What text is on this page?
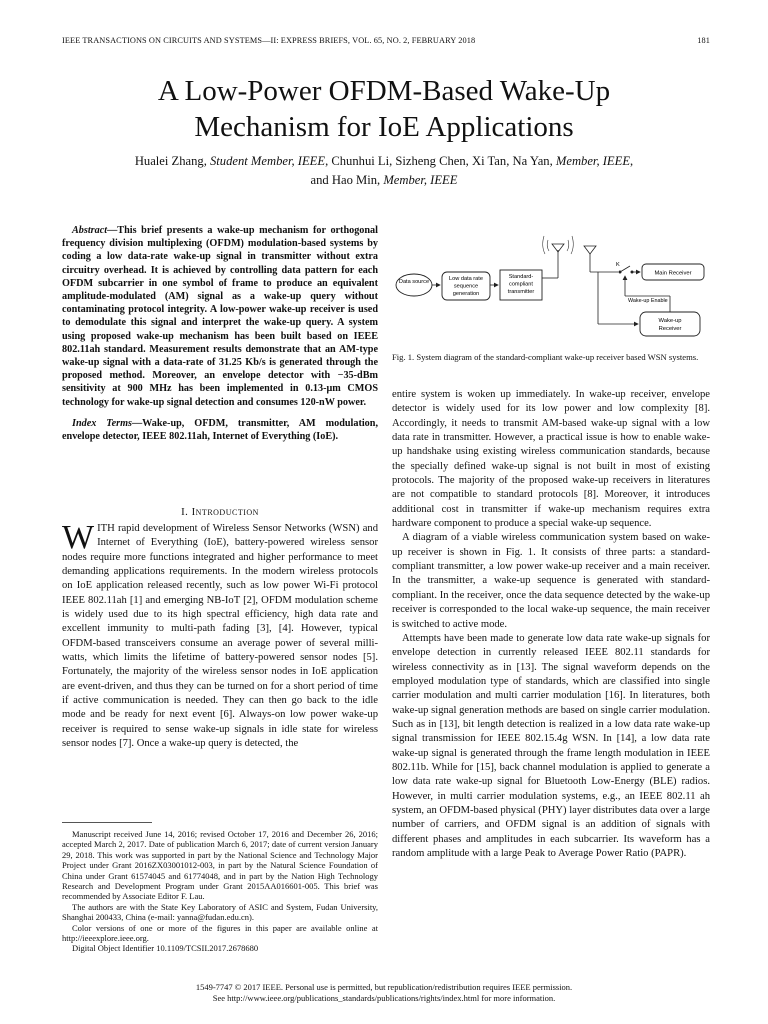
IEEE TRANSACTIONS ON CIRCUITS AND SYSTEMS—II: EXPRESS BRIEFS, VOL. 65, NO. 2, FEBRUARY 2018	181
A Low-Power OFDM-Based Wake-Up
Mechanism for IoE Applications
Hualei Zhang, Student Member, IEEE, Chunhui Li, Sizheng Chen, Xi Tan, Na Yan, Member, IEEE,
and Hao Min, Member, IEEE

Abstract—This brief presents a wake-up mechanism for orthogonal frequency division multiplexing (OFDM) modulation-based systems by coding a low data-rate wake-up signal in transmitter without extra circuitry overhead. It is achieved by controlling data pattern for each OFDM subcarrier in one symbol of frame to produce an equivalent amplitude-modulated (AM) signal as a wake-up query without contaminating protocol integrity. A low-power wake-up receiver is used to demodulate this signal and interpret the wake-up query. A system using proposed wake-up mechanism has been built based on IEEE 802.11ah standard. Measurement results demonstrate that an AM-type wake-up signal with a data-rate of 31.25 Kb/s is generated through the proposed method. Moreover, an envelope detector with −35-dBm sensitivity at 900 MHz has been implemented in 0.13-μm CMOS technology for wake-up signal detection and consumes 120-nW power.

Index Terms—Wake-up, OFDM, transmitter, AM modulation, envelope detector, IEEE 802.11ah, Internet of Everything (IoE).

I. Introduction
WITH rapid development of Wireless Sensor Networks (WSN) and Internet of Everything (IoE), battery-powered wireless sensor nodes require more functions integrated and higher performance to meet demanding applications requirements. In the modern wireless protocols on IoE application released recently, such as low power Wi-Fi protocol IEEE 802.11ah [1] and emerging NB-IoT [2], OFDM modulation scheme is widely used due to its high spectral efficiency, high data rate and excellent immunity to multi-path fading [3], [4]. However, typical OFDM-based transceivers consume an average power of several milli-watts, which limits the lifetime of battery-powered sensor nodes [5]. Fortunately, the majority of the wireless sensor nodes in IoE application are event-driven, and thus they can be turned on for a short period of time if active communication is needed. They can then go back to the idle mode and be ready for next event [6]. Always-on low power wake-up receiver is required to sense wake-up signals in idle state for wireless sensor nodes [7]. Once a wake-up query is detected, the

Manuscript received June 14, 2016; revised October 17, 2016 and December 26, 2016; accepted March 2, 2017. Date of publication March 6, 2017; date of current version January 29, 2018. This work was supported in part by the National Science and Technology Major Project under Grant 2016ZX03001012-003, in part by the Natural Science Foundation of China under Grant 61574045 and 61774048, and in part by the Nation High Technology Research and Development Program under Grant 2015AA016601-005. This brief was recommended by Associate Editor F. Lau.

The authors are with the State Key Laboratory of ASIC and System, Fudan University, Shanghai 200433, China (e-mail: yanna@fudan.edu.cn).

Color versions of one or more of the figures in this paper are available online at http://ieeexplore.ieee.org.

Digital Object Identifier 10.1109/TCSII.2017.2678680

Data source	Low data rate
sequence
generation
Standard-
compliant
transmitter
K
Main Receiver
Wake-up Enable
Wake-up
Receiver
Fig. 1. System diagram of the standard-compliant wake-up receiver based WSN systems.

entire system is woken up immediately. In wake-up receiver, envelope detector is widely used for its low power and low complexity [8]. Accordingly, it needs to transmit AM-based wake-up signal with a low data rate in transmitter. However, a practical issue is how to enable wake-up handshake using existing wireless communication standards, because the specially defined wake-up signal is not built in most of existing protocols. The majority of the proposed wake-up receivers in literatures are not compatible to standard protocols [8]. Moreover, it introduces additional cost in transmitter if wake-up mechanism requires extra hardware component to produce a special wake-up sequence.

A diagram of a viable wireless communication system based on wake-up receiver is shown in Fig. 1. It consists of three parts: a standard-compliant transmitter, a low power wake-up receiver and a main receiver. In the transmitter, a wake-up sequence is generated with standard-compliant. In the receiver, once the data sequence detected by the wake-up receiver is corresponded to the local wake-up sequence, the main receiver is switched to active mode.

Attempts have been made to generate low data rate wake-up signals for envelope detection in currently released IEEE 802.11 standards for wireless connectivity as in [13]. The signal waveform depends on the employed modulation type of standards, which are classified into single carrier modulation and multi carrier modulation [16]. In literatures, both wake-up signal generation methods are based on single carrier modulation. Such as in [13], bit length detection is realized in a low data rate wake-up signal transmission for IEEE 802.15.4g WSN. In [14], a low data rate wake-up signal is generated through the frame length modulation in IEEE 802.11b. While for [15], back channel modulation is applied to generate a low data rate wake-up signal for Bluetooth Low-Energy (BLE) radios. However, in multi carrier modulation systems, e.g., an IEEE 802.11 ah system, an OFDM-based physical (PHY) layer distributes data over a large number of carriers, and OFDM signal is an addition of signals with different phases and amplitudes in each subcarrier. Its waveform has a random amplitude with a large Peak to Average Power Ratio (PAPR).

1549-7747 © 2017 IEEE. Personal use is permitted, but republication/redistribution requires IEEE permission.
See http://www.ieee.org/publications_standards/publications/rights/index.html for more information.
